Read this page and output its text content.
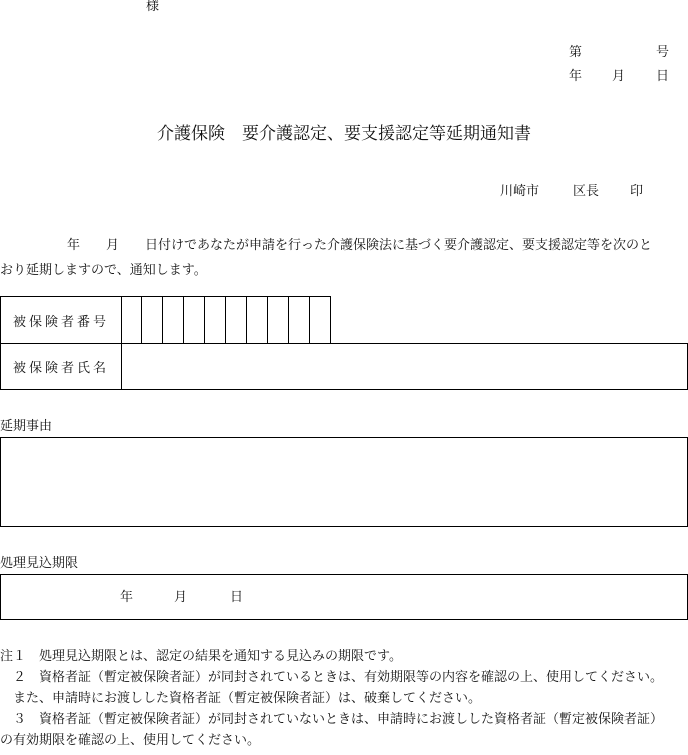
様
第	号
年 月 日
介護保険　要介護認定、要支援認定等延期通知書
川崎市	区長 印
年　　月　　日付けであなたが申請を行った介護保険法に基づく要介護認定、要支援認定等を次のと
おり延期しますので、通知します。
被保険者番号
被保険者氏名
延期事由
処理見込期限
年	月	日
注１　処理見込期限とは、認定の結果を通知する見込みの期限です。
　２　資格者証（暫定被保険者証）が同封されているときは、有効期限等の内容を確認の上、使用してください。
　また、申請時にお渡しした資格者証（暫定被保険者証）は、破棄してください。
　３　資格者証（暫定被保険者証）が同封されていないときは、申請時にお渡しした資格者証（暫定被保険者証）
の有効期限を確認の上、使用してください。
